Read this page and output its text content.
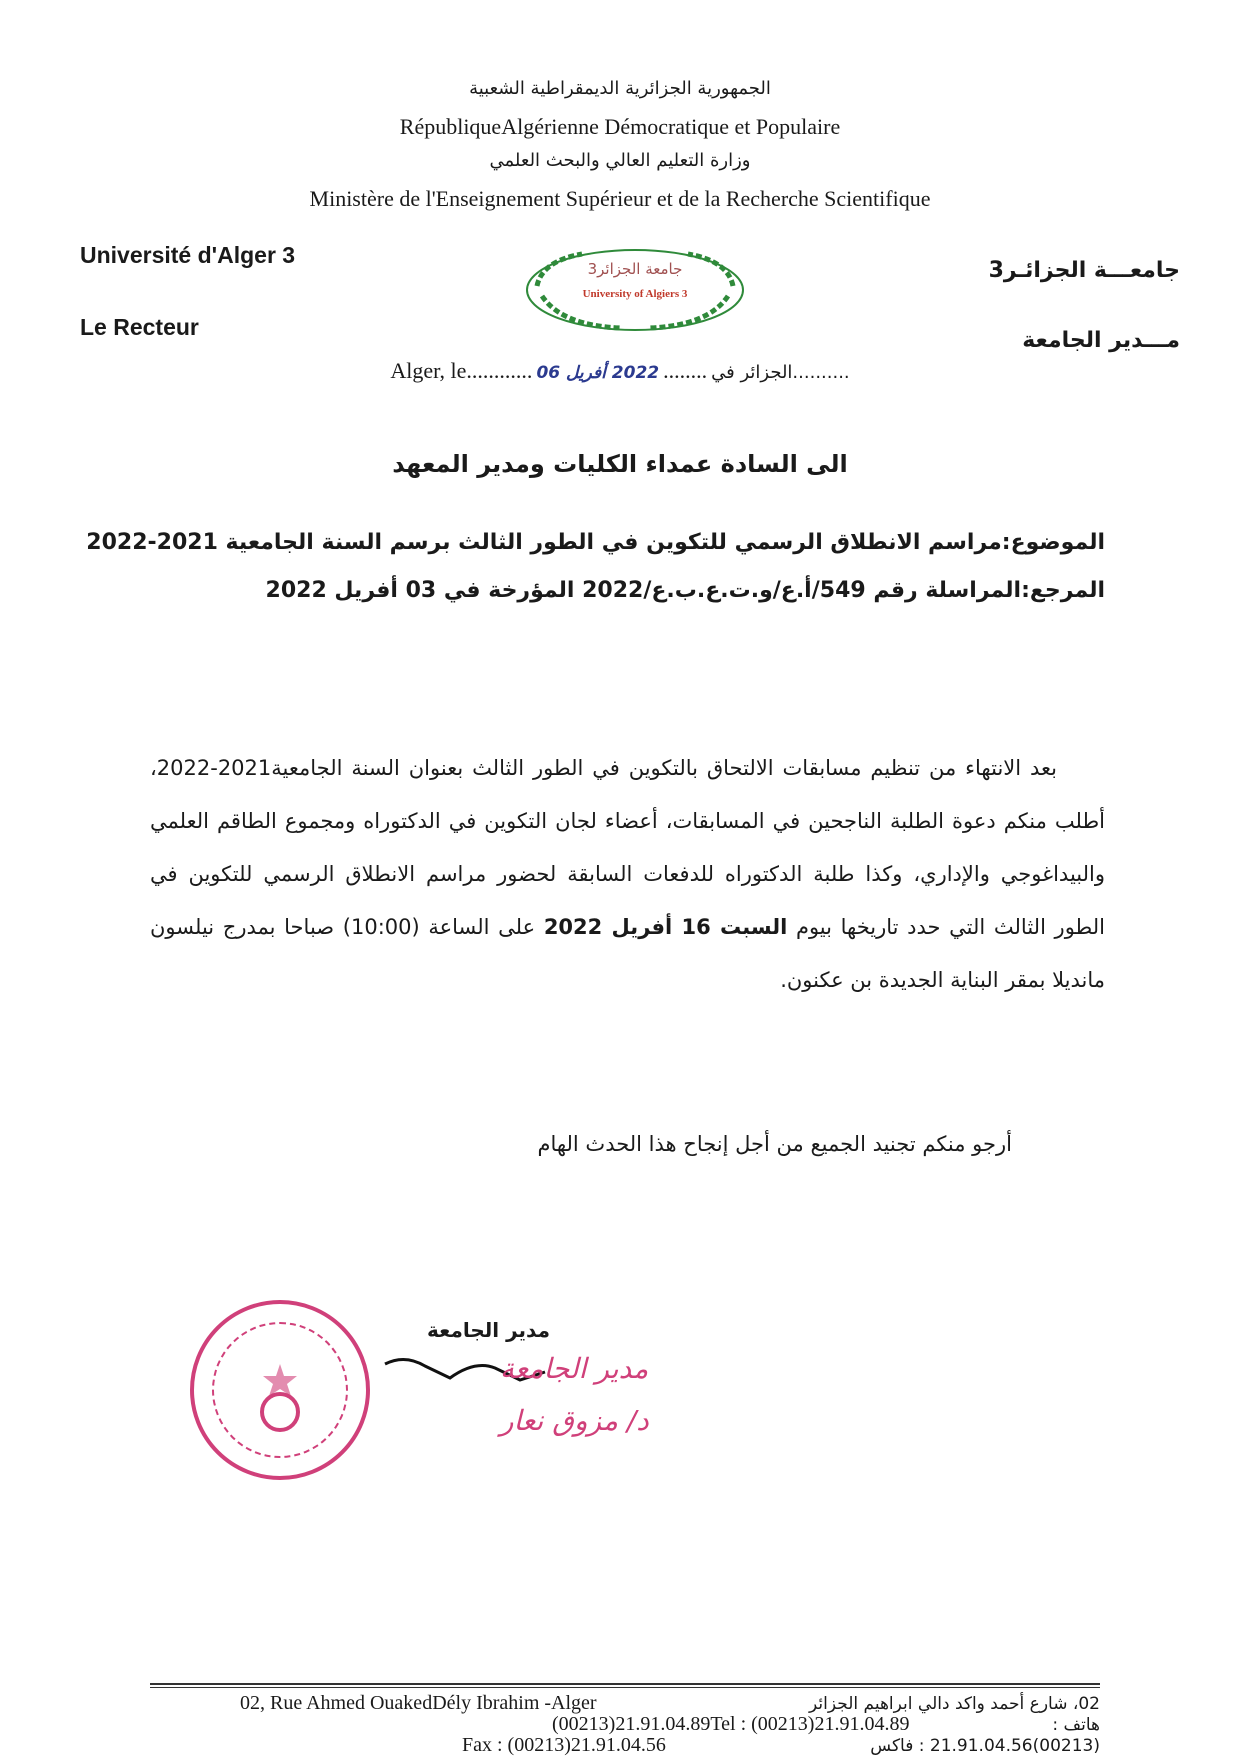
الجمهورية الجزائرية الديمقراطية الشعبية
RépubliqueAlgérienne Démocratique et Populaire
وزارة التعليم العالي والبحث العلمي
Ministère de l'Enseignement Supérieur et de la Recherche Scientifique
Université d'Alger 3
Le Recteur
جامعـــة الجزائـر3
مـــدير الجامعة
جامعة الجزائر3
University of Algiers 3
Alger, le............ 2022 أفريل 06 ........ ..........الجزائر في
الى السادة عمداء الكليات ومدير المعهد
الموضوع:مراسم الانطلاق الرسمي للتكوين في الطور الثالث برسم السنة الجامعية 2021-2022
المرجع:المراسلة رقم 549/أ.ع/و.ت.ع.ب.ع/2022 المؤرخة في 03 أفريل 2022
بعد الانتهاء من تنظيم مسابقات الالتحاق بالتكوين في الطور الثالث بعنوان السنة الجامعية2021-2022، أطلب منكم دعوة الطلبة الناجحين في المسابقات، أعضاء لجان التكوين في الدكتوراه ومجموع الطاقم العلمي والبيداغوجي والإداري، وكذا طلبة الدكتوراه للدفعات السابقة لحضور مراسم الانطلاق الرسمي للتكوين في الطور الثالث التي حدد تاريخها بيوم السبت 16 أفريل 2022 على الساعة (10:00) صباحا بمدرج نيلسون مانديلا بمقر البناية الجديدة بن عكنون.
أرجو منكم تجنيد الجميع من أجل إنجاح هذا الحدث الهام
مدير الجامعة
مدير الجامعة
د/ مزوق نعار
02, Rue Ahmed OuakedDély Ibrahim -Alger	02، شارع أحمد واكد دالي ابراهيم الجزائر
(00213)21.91.04.89Tel : (00213)21.91.04.89	هاتف :
Fax : (00213)21.91.04.56	(00213)21.91.04.56 : فاكس
